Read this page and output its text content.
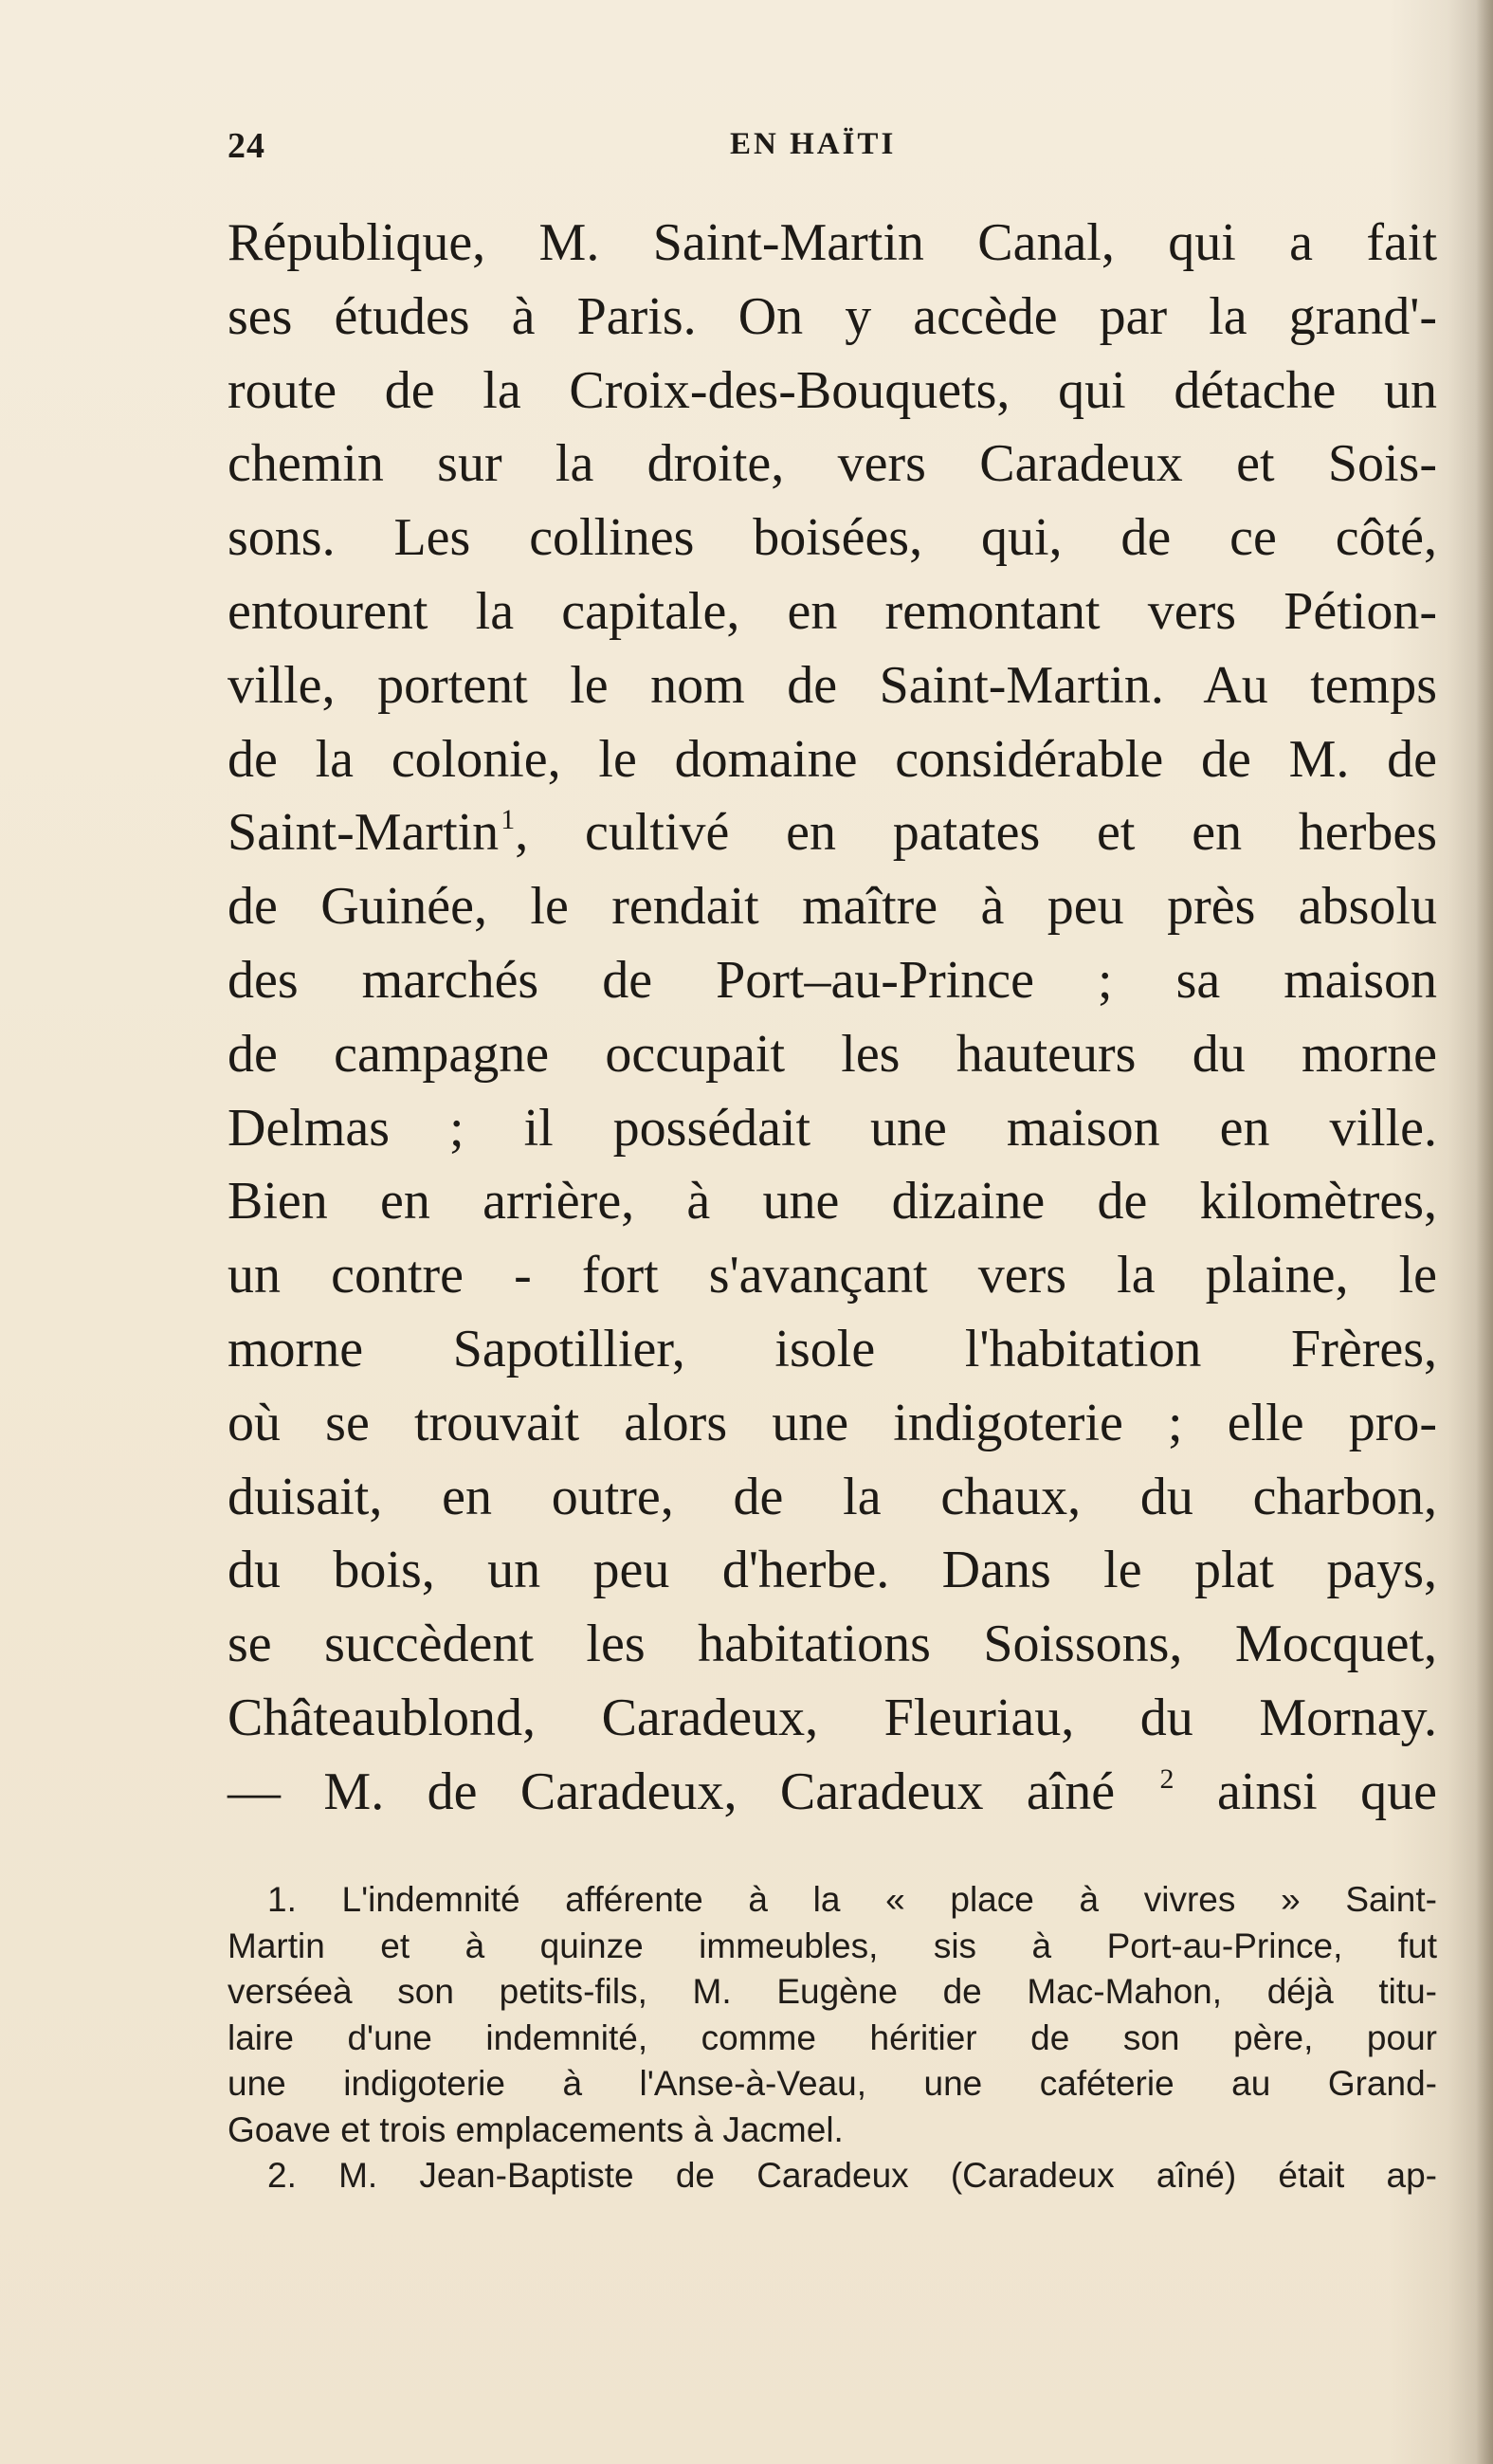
24	EN HAÏTI
République, M. Saint-Martin Canal, qui a fait
ses études à Paris. On y accède par la grand'-
route de la Croix-des-Bouquets, qui détache un
chemin sur la droite, vers Caradeux et Sois-
sons. Les collines boisées, qui, de ce côté,
entourent la capitale, en remontant vers Pétion-
ville, portent le nom de Saint-Martin. Au temps
de la colonie, le domaine considérable de M. de
Saint-Martin$^1$, cultivé en patates et en herbes
de Guinée, le rendait maître à peu près absolu
des marchés de Port–au-Prince ; sa maison
de campagne occupait les hauteurs du morne
Delmas ; il possédait une maison en ville.
Bien en arrière, à une dizaine de kilomètres,
un contre - fort s'avançant vers la plaine, le
morne Sapotillier, isole l'habitation Frères,
où se trouvait alors une indigoterie ; elle pro-
duisait, en outre, de la chaux, du charbon,
du bois, un peu d'herbe. Dans le plat pays,
se succèdent les habitations Soissons, Mocquet,
Châteaublond, Caradeux, Fleuriau, du Mornay.
— M. de Caradeux, Caradeux aîné $^2$ ainsi que
1. L'indemnité afférente à la « place à vivres » Saint-
Martin et à quinze immeubles, sis à Port-au-Prince, fut
verséeà son petits-fils, M. Eugène de Mac-Mahon, déjà titu-
laire d'une indemnité, comme héritier de son père, pour
une indigoterie à l'Anse-à-Veau, une caféterie au Grand-
Goave et trois emplacements à Jacmel.
2. M. Jean-Baptiste de Caradeux (Caradeux aîné) était ap-
